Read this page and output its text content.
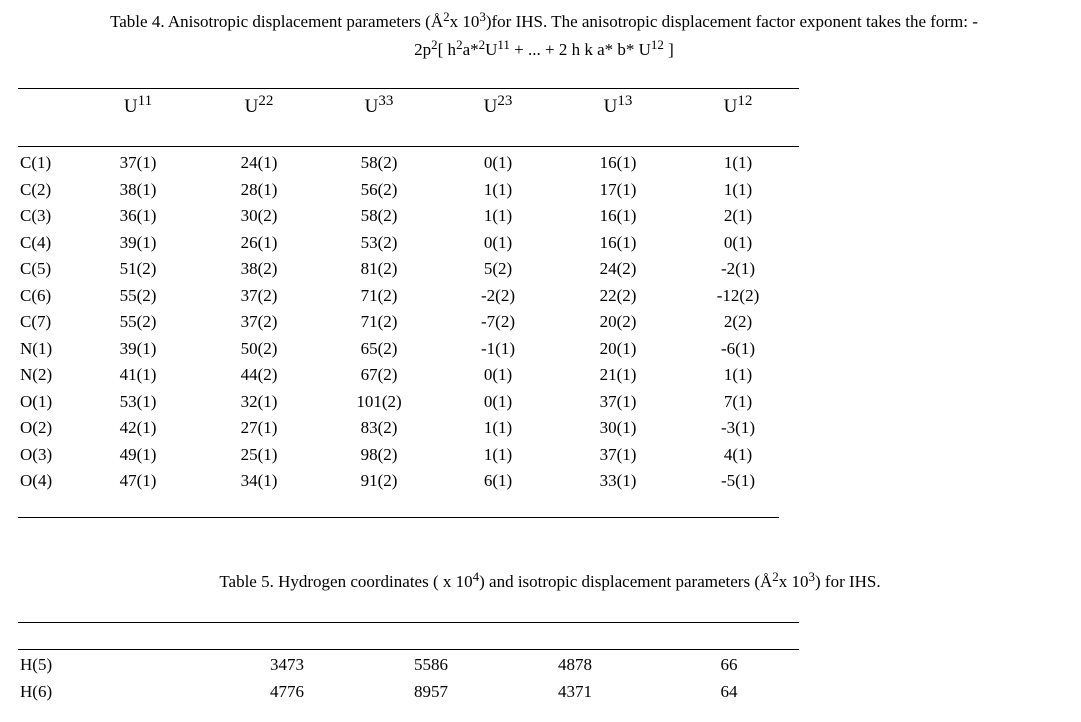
Table 4. Anisotropic displacement parameters ($Å^2x$ $10^3)for$ IHS. The anisotropic displacement factor exponent takes the form: -
$2p^2$[ $h^2a*^2U^{11}$ + ... + 2 h k a* b* $U^{12}$ ]
$U^{11}$	$U^{22}$	$U^{33}$	$U^{23}$	$U^{13}$	$U^{12}$
C(1)	37(1)	24(1)	58(2)	0(1)	16(1)	1(1)
C(2)	38(1)	28(1)	56(2)	1(1)	17(1)	1(1)
C(3)	36(1)	30(2)	58(2)	1(1)	16(1)	2(1)
C(4)	39(1)	26(1)	53(2)	0(1)	16(1)	0(1)
C(5)	51(2)	38(2)	81(2)	5(2)	24(2)	-2(1)
C(6)	55(2)	37(2)	71(2)	-2(2)	22(2)	-12(2)
C(7)	55(2)	37(2)	71(2)	-7(2)	20(2)	2(2)
N(1)	39(1)	50(2)	65(2)	-1(1)	20(1)	-6(1)
N(2)	41(1)	44(2)	67(2)	0(1)	21(1)	1(1)
O(1)	53(1)	32(1)	101(2)	0(1)	37(1)	7(1)
O(2)	42(1)	27(1)	83(2)	1(1)	30(1)	-3(1)
O(3)	49(1)	25(1)	98(2)	1(1)	37(1)	4(1)
O(4)	47(1)	34(1)	91(2)	6(1)	33(1)	-5(1)
Table 5. Hydrogen coordinates ( x $10^4$) and isotropic displacement parameters ($Å^2x$ $10^3$) for IHS.
H(5)	3473	5586	4878	66
H(6)	4776	8957	4371	64
